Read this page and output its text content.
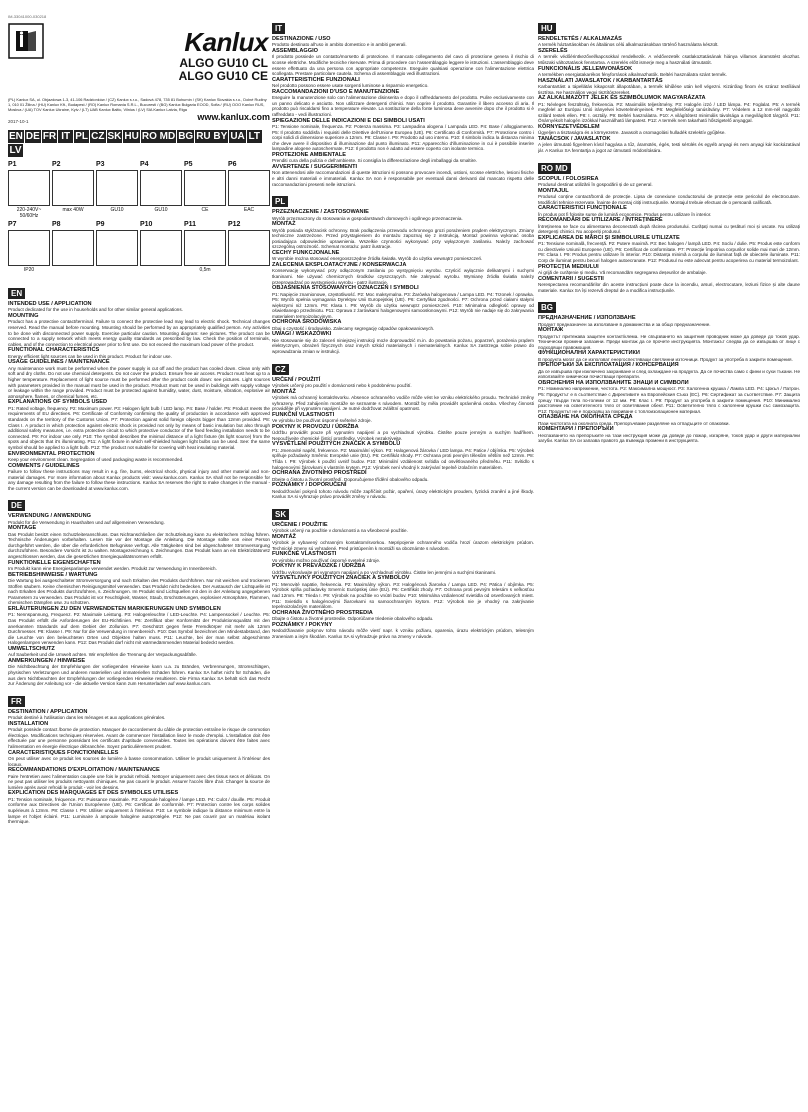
IM-33041000-030218
Kanlux
ALGO GU10 CL
ALGO GU10 CE
(PL) Kanlux SA, ul. Objazdowa 1-3, 41-106 Radzionków / (CZ) Kanlux s.r.o., Sadová 478, 735 81 Bohumín / (SK) Kanlux Slovakia s.r.o., Dolné Rudiny 1, 010 01 Žilina / (HU) Kanlux Kft., Budapest / (RO) Kanlux Romania S.R.L., Bucuresti / (BG) Kanlux Bulgaria EOOD, Sofia / (RU) OOO Kanlux RUS, Moskva / (UA) TOV Kanlux Ukraine, Kyiv / (LT) UAB Kanlux Baltic, Vilnius / (LV) SIA Kanlux Latvia, Riga
2017-10-1	www.kanlux.com
EN DE FR IT PL CZ SK HU RO MD BG RU BY UA LT
LV
P1
220-240V~ 50/60Hz
P2
max 40W
P3
GU10
P4
GU10
P5
CE
P6
EAC
P7
IP20
P8	P9	P10	P11
0,5m
P12
EN
INTENDED USE / APPLICATION
Product dedicated for the use in households and for other similar general applications.
MOUNTING
Product has a protective contact/terminal. Failure to connect the protective lead may lead to electric shock. Technical changes reserved. Read the manual before mounting. Mounting should be performed by an appropriately qualified person. Any activities to be done with disconnected power supply. Exercise particular caution. Mounting diagram: see pictures. The product can be connected to a supply network which meets energy quality standards as prescribed by law. Check the position of terminals, cables, and of the connection to electrical power prior to first use. Do not exceed the maximum load power of the product.
FUNCTIONAL CHARACTERISTICS
Energy efficient light sources can be used in this product. Product for indoor use.
USAGE GUIDELINES / MAINTENANCE
Any maintenance work must be performed when the power supply is cut off and the product has cooled down. Clean only with soft and dry cloths. Do not use chemical detergents. Do not cover the product. Ensure free air access. Product must heat up to a higher temperature. Replacement of light source must be performed after the product cools down: see pictures. Light sources with parameters provided in the manual must be used in the product. Product must not be used in buildings with supply voltage or leakage within the range provided. Product must be protected against humidity, water, dust, moisture, vibration, explosive air atmosphere, flames, or chemical fumes, etc.
EXPLANATIONS OF SYMBOLS USED
P1: Rated voltage, frequency. P2: Maximum power. P3: Halogen light bulb / LED lamp. P4: Base / holder. P5: Product meets the requirements of EU directives. P6: Certificate of Conformity confirming the quality of production in accordance with approved standards on the territory of the Customs Union. P7: Protection against solid foreign objects bigger than 12mm provided. P8: Class I. A product in which protection against electric shock is provided not only by means of basic insulation but also through additional safety measures, i.e. extra protective circuit to which protective conductor of the fixed feeding installation needs to be connected. P9: For indoor use only. P10: The symbol describes the minimal distance of a light fixture (its light source) from the spots and objects that it's illuminating. P11: A light fixture in which self-shielded halogen light bulbs can be used. See: the same symbol should be applied to a light bulb. P12: The product not suitable for covering with heat insulating material.
ENVIRONMENTAL PROTECTION
Keep your environment clean. Segregation of used packaging waste is recommended.
COMMENTS / GUIDELINES
Failure to follow these instructions may result in e.g. fire, burns, electrical shock, physical injury and other material and non-material damages. For more information about Kanlux products visit: www.kanlux.com. Kanlux SA shall not be responsible for any damage resulting from the failure to follow these instructions. Kanlux SA reserves the right to make changes in the manual - the current version can be downloaded at www.kanlux.com.
DE
VERWENDUNG / ANWENDUNG
Produkt für die Verwendung in Haushalten und auf allgemeinen Verwendung.
MONTAGE
Das Produkt besitzt einen Schutzleiteranschluss. Das Nichtanschließen der Schutzleitung kann zu elektrischem Schlag führen. Technische Änderungen vorbehalten. Lesen Sie vor der Montage die Anleitung. Die Montage sollte von einer Person durchgeführt werden, die über die erforderlichen Befugnisse verfügt. Alle Tätigkeiten sind bei abgeschalteter Stromversorgung durchzuführen. Besondere Vorsicht ist zu walten. Montagezeichnung s. Zeichnungen. Das Produkt kann an ein Elektrizitätsnetz angeschlossen werden, das die gesetzlichen Energiequalitätsnormen erfüllt.
FUNKTIONELLE EIGENSCHAFTEN
Im Produkt kann eine Energiesparlampe verwendet werden. Produkt zur Verwendung im Innenbereich.
BETRIEBSHINWEISE / WARTUNG
Die Wartung bei ausgeschalteter Stromversorgung und nach Erkalten des Produkts durchführen. Nur mit weichen und trockenen Stoffen säubern. Keine chemischen Reinigungsmittel verwenden. Das Produkt nicht bedecken. Der Austausch der Lichtquelle ist nach Erkalten des Produkts durchzuführen, s. Zeichnungen. Im Produkt sind Lichtquellen mit den in der Anleitung angegebenen Parametern zu verwenden. Das Produkt ist vor Feuchtigkeit, Wasser, Staub, Erschütterungen, explosiver Atmosphäre, Flammen, chemischen Dämpfen usw. zu schützen.
ERLÄUTERUNGEN ZU DEN VERWENDETEN MARKIERUNGEN UND SYMBOLEN
P1: Nennspannung, Frequenz. P2: Maximale Leistung. P3: Halogenleuchte / LED-Leuchte. P4: Lampensockel / Leuchte. P5: Das Produkt erfüllt die Anforderungen der EU-Richtlinien. P6: Zertifikat über Konformität der Produktionsqualität mit den anerkannten Standards auf dem Gebiet der Zollunion. P7: Geschützt gegen feste Fremdkörper mit mehr als 12mm Durchmesser. P8: Klasse I. P9: Nur für die Verwendung in Innenbereich. P10: Das Symbol bezeichnet den Mindestabstand, den die Leuchte von den beleuchteten Orten und Objekten halten muss. P11: Leuchte, bei der man selbst abgeschirmte Halogenlampen verwenden kann. P12: Das Produkt darf nicht mit wärmedämmenden Material bedeckt werden.
UMWELTSCHUTZ
Auf Sauberkeit und die Umwelt achten. Wir empfehlen die Trennung der Verpackungsabfälle.
ANMERKUNGEN / HINWEISE
Die Nichtbeachtung der Empfehlungen der vorliegenden Hinweise kann u.a. zu Bränden, Verbrennungen, Stromschlägen, physischen Verletzungen und anderen materiellen und immateriellen Schäden führen. Kanlux SA haftet nicht für Schäden, die aus dem Nichtbeachten der Empfehlungen der vorliegenden Hinweise resultieren. Die Firma Kanlux SA behält sich das Recht zur Änderung der Anleitung vor - die aktuelle Version kann zum Herunterladen auf www.kanlux.com.
FR
DESTINATION / APPLICATION
Produit destiné à l'utilisation dans les ménages et aux applications générales.
INSTALLATION
Produit possède contact /borne de protection. Manquer de raccordement du câble de protection entraîne le risque de commotion électrique. Modifications techniques réservées. Avant de commencer l'installation lisez le mode d'emploi. L'installation doit être effectuée par une personne possédant les certificats d'aptitude convenables. Toutes les opérations doivent être faites avec l'alimentation en énergie électrique débranchée. Soyez particulièrement prudent.
CARACTERISTIQUES FONCTIONNELLES
On peut utiliser avec ce produit les sources de lumière à basse consommation. Utiliser le produit uniquement à l'intérieur des locaux.
RECOMMANDATIONS D'EXPLOITATION / MAINTENANCE
Faire l'entretien avec l'alimentation coupée une fois le produit refroidi. Nettoyer uniquement avec des tissus secs et délicats. On ne peut pas utiliser les produits nettoyants chimiques. Ne pas couvrir le produit. Assurer l'accès libre d'air. Changer la source de lumière après avoir refroidi le produit - voir les dessins.
EXPLICATION DES MARQUAGES ET DES SYMBOLES UTILISES
P1: Tension nominale, fréquence. P2: Puissance maximale. P3: Ampoule halogène / lampe LED. P4: Culot / douille. P5: Produit conforme aux Directives de l'Union Européenne (UE). P6: Certificat de conformité. P7: Protection contre les corps solides supérieurs à 12mm. P8: Classe I. P9: Utiliser uniquement à l'intérieur. P10: Le symbole indique la distance minimum entre la lampe et l'objet éclairé. P11: Luminaire à ampoule halogène autoprotégée. P12: Ne pas couvrir par un matériau isolant thermique.
IT
DESTINAZIONE / USO
Prodotto destinato all'uso in ambito domestico e in ambiti generali.
ASSEMBLAGGIO
Il prodotto possiede un contatto/morsetto di protezione. Il mancato collegamento del cavo di protezione genera il rischio di scosse elettriche. Modifiche tecniche riservate. Prima di procedere con l'assemblaggio leggere le istruzioni. L'assemblaggio deve essere effettuato da una persona con appropriate competenze. Eseguire qualsiasi operazione con l'alimentazione elettrica scollegata. Prestare particolare cautela. Schema di assemblaggio vedi illustrazioni.
CARATTERISTICHE FUNZIONALI
Nel prodotto possono essere usate sorgenti luminose a risparmio energetico.
RACCOMANDAZIONI D'USO E MANUTENZIONE
Eseguire la manutenzione solo con l'alimentazione disinserita e dopo il raffreddamento del prodotto. Pulire esclusivamente con un panno delicato e asciutto. Non utilizzare detergenti chimici. Non coprire il prodotto. Garantire il libero accesso di aria. Il prodotto può riscaldarsi fino a temperature elevate. La sostituzione della fonte luminosa deve avvenire dopo che il prodotto si è raffreddato - vedi illustrazioni.
SPIEGAZIONE DELLE INDICAZIONI E DEI SIMBOLI USATI
P1: Tensione nominale, frequenza. P2: Potenza massima. P3: Lampadina alogena / Lampada LED. P4: Base / alloggiamento. P5: Il prodotto soddisfa i requisiti delle Direttive dell'Unione Europea (UE). P6: Certificato di Conformità. P7: Protezione contro i corpi solidi di dimensione superiore a 12mm. P8: Classe I. P9: Prodotto ad uso interno. P10: Il simbolo indica la distanza minima che deve avere il dispositivo di illuminazione dal punto illuminato. P11: Apparecchio d'illuminazione in cui è possibile inserire lampadine alogene autoschermate. P12: Il prodotto non è adatto ad essere coperto con isolante termico.
PROTEZIONE AMBIENTALE
Prenditi cura della pulizia e dell'ambiente. Si consiglia la differenziazione degli imballaggi da smaltire.
AVVERTENZE / SUGGERIMENTI
Non attenendosi alle raccomandazioni di queste istruzioni si possono provocare incendi, ustioni, scosse elettriche, lesioni fisiche e altri danni materiali e immateriali. Kanlux SA non è responsabile per eventuali danni derivanti dal mancato rispetto delle raccomandazioni presenti nelle istruzioni.
PL
PRZEZNACZENIE / ZASTOSOWANIE
Wyrób przeznaczony do stosowania w gospodarstwach domowych i ogólnego przeznaczenia.
MONTAŻ
Wyrób posiada styk/zacisk ochronny. Brak podłączenia przewodu ochronnego grozi porażeniem prądem elektrycznym. Zmiany techniczne zastrzeżone. Przed przystąpieniem do montażu zapoznaj się z instrukcją. Montaż powinna wykonać osoba posiadająca odpowiednie uprawnienia. Wszelkie czynności wykonywać przy wyłączonym zasilaniu. Należy zachować szczególną ostrożność. Schemat montażu: patrz ilustracje.
CECHY FUNKCJONALNE
W wyrobie można stosować energooszczędne źródła światła. Wyrób do użytku wewnątrz pomieszczeń.
ZALECENIA EKSPLOATACYJNE / KONSERWACJA
Konserwację wykonywać przy odłączonym zasilaniu po wystygnięciu wyrobu. Czyścić wyłącznie delikatnymi i suchymi tkaninami. Nie używać chemicznych środków czyszczących. Nie zakrywać wyrobu. Wymianę źródła światła należy przeprowadzać po wystygnięciu wyrobu - patrz ilustracje.
OBJAŚNIENIA STOSOWANYCH OZNACZEŃ I SYMBOLI
P1: Napięcie znamionowe, częstotliwość. P2: Moc maksymalna. P3: Żarówka halogenowa / Lampa LED. P4: Trzonek / oprawka. P5: Wyrób spełnia wymagania Dyrektyw Unii Europejskiej (UE). P6: Certyfikat zgodności. P7: Ochrona przed ciałami stałymi większymi niż 12mm. P8: Klasa I. P9: Wyrób do użytku wewnątrz pomieszczeń. P10: Minimalna odległość oprawy od oświetlanego przedmiotu. P11: Oprawa z żarówkami halogenowymi samoosłonowymi. P12: Wyrób nie nadaje się do zakrywania materiałem termoizolacyjnym.
OCHRONA ŚRODOWISKA
Dbaj o czystość i środowisko. Zalecamy segregację odpadów opakowaniowych.
UWAGI / WSKAZÓWKI
Nie stosowanie się do zaleceń niniejszej instrukcji może doprowadzić m.in. do powstania pożaru, poparzeń, porażenia prądem elektrycznym, obrażeń fizycznych oraz innych szkód materialnych i niematerialnych. Kanlux SA zastrzega sobie prawo do wprowadzania zmian w instrukcji.
CZ
URČENÍ / POUŽITÍ
Výrobek určený pro použití v domácnosti nebo k podobnému použití.
MONTÁŽ
Výrobek má ochranný kontakt/svorku. Absence ochranného vodiče může vést ke vzniku elektrického proudu. Technické změny vyhrazeny. Před zahájením montáže se seznamte s návodem. Montáž by měla provádět oprávněná osoba. Všechny činnosti provádějte při vypnutém napájení. Je nutné dodržovat zvláštní opatrnost.
FUNKČNÍ VLASTNOSTI
Ve výrobku lze používat úsporné světelné zdroje.
POKYNY K PROVOZU / ÚDRŽBA
Údržbu provádět pouze při vypnutém napájení a po vychladnutí výrobku. Čistěte pouze jemným a suchým hadříkem. Nepoužívejte chemické čisticí prostředky. Výrobek nezakrývejte.
VYSVĚTLENÍ POUŽITÝCH ZNAČEK A SYMBOLŮ
P1: Jmenovité napětí, frekvence. P2: Maximální výkon. P3: Halogenová žárovka / LED lampa. P4: Patice / objímka. P5: Výrobek splňuje požadavky Směrnic Evropské unie (EU). P6: Certifikát shody. P7: Ochrana proti pevným tělesům větším než 12mm. P8: Třída I. P9: Výrobek k použití uvnitř budov. P10: Minimální vzdálenost svítidla od osvětlovaného předmětu. P11: Svítidlo s halogenovými žárovkami s vlastním krytem. P12: Výrobek není vhodný k zakrývání tepelně izolačním materiálem.
OCHRANA ŽIVOTNÍHO PROSTŘEDÍ
Dbejte o čistotu a životní prostředí. Doporučujeme třídění obalového odpadu.
POZNÁMKY / DOPORUČENÍ
Nedodržování pokynů tohoto návodu může zapříčinit požár, opaření, úrazy elektrickým proudem, fyzická zranění a jiné škody. Kanlux SA si vyhrazuje právo provádět změny v návodu.
SK
URČENIE / POUŽITIE
Výrobok určený na použitie v domácnosti a na všeobecné použitie.
MONTÁŽ
Výrobok je vybavený ochranným kontaktom/svorkou. Nepripojenie ochranného vodiča hrozí úrazom elektrickým prúdom. Technické zmeny sú vyhradené. Pred pristúpením k montáži sa oboznámte s návodom.
FUNKČNÉ VLASTNOSTI
Vo výrobku možno používať úsporné svetelné zdroje.
POKYNY K PREVÁDZKE / ÚDRŽBA
Údržbu vykonávajte pri vypnutom napájaní a po vychladnutí výrobku. Čistite len jemnými a suchými tkaninami.
VYSVETLIVKY POUŽITÝCH ZNAČIEK A SYMBOLOV
P1: Menovité napätie, frekvencia. P2: Maximálny výkon. P3: Halogénová žiarovka / Lampa LED. P4: Pätica / objímka. P5: Výrobok spĺňa požiadavky Smerníc Európskej únie (EÚ). P6: Certifikát zhody. P7: Ochrana proti pevným telesám s veľkosťou nad 12mm. P8: Trieda I. P9: Výrobok na použitie vo vnútri budov. P10: Minimálna vzdialenosť svietidla od osvetľovaných miest. P11: Svietidlo s halogénovými žiarovkami so samoochranným krytom. P12: Výrobok nie je vhodný na zakrývanie tepelnoizolačným materiálom.
OCHRANA ŽIVOTNÉHO PROSTREDIA
Dbajte o čistotu a životné prostredie. Odporúčame triedenie obalového odpadu.
POZNÁMKY / POKYNY
Nedodržiavanie pokynov tohto návodu môže viesť napr. k vzniku požiaru, oparenia, úrazu elektrickým prúdom, telesným zraneniam a iným škodám. Kanlux SA si vyhradzuje právo na zmeny v návode.
HU
RENDELTETÉS / ALKALMAZÁS
A termék háztartásokban és általános célú alkalmazásokban történő használatra készült.
SZERELÉS
A termék védőérintkezővel/kapcsokkal rendelkezik. A védővezeték csatlakoztatásának hiánya villamos áramütést okozhat. Műszaki változtatások fenntartva. A szerelés előtt ismerje meg a használati útmutatót.
FUNKCIONÁLIS JELLEMVONÁSOK
A termékben energiatakarékos fényforrások alkalmazhatók. Beltéri használatra szánt termék.
HASZNÁLATI JAVASLATOK / KARBANTARTÁS
Karbantartást a tápellátás kikapcsolt állapotában, a termék kihűlése után kell végezni. Kizárólag finom és száraz textíliával tisztítsa. Ne használjon vegyi tisztítószereket.
AZ ALKALMAZOTT JELEK ÉS SZIMBÓLUMOK MAGYARÁZATA
P1: Névleges feszültség, frekvencia. P2: Maximális teljesítmény. P3: Halogén izzó / LED lámpa. P4: Foglalat. P5: A termék megfelel az Európai Unió irányelvei követelményeinek. P6: Megfelelőségi tanúsítvány. P7: Védelem a 12 mm-nél nagyobb szilárd testek ellen. P8: I. osztály. P9: Beltéri használatra. P10: A világítótest minimális távolsága a megvilágított tárgytól. P11: Önárnyékolt halogén izzókkal használható lámpatest. P12: A termék nem takarható hőszigetelő anyaggal.
KÖRNYEZETVÉDELEM
Ügyeljen a tisztaságra és a környezetre. Javasolt a csomagolási hulladék szelektív gyűjtése.
TANÁCSOK / JAVASLATOK
A jelen útmutató figyelmen kívül hagyása a tűz, áramütés, égés, testi sérülés és egyéb anyagi és nem anyagi kár kockázatával jár. A Kanlux SA fenntartja a jogot az útmutató módosítására.
RO MD
SCOPUL / FOLOSIREA
Produsul destinat utilizării în gospodării și de uz general.
MONTAJUL
Produsul conține contact/bornă de protecție. Lipsa de conexiune conductorului de protecție este pericolul de electrocutare. Modificări tehnice rezervate. Înainte de montaj citiți instrucțiunile. Montajul trebuie efectuat de o persoană calificată.
CARACTERISTICI FUNCȚIONALE
În produs pot fi folosite surse de lumină economice. Produs pentru utilizare în interior.
RECOMANDĂRI DE UTILIZARE / ÎNTREȚINERE
Întreținerea se face cu alimentarea deconectată după răcirea produsului. Curățați numai cu țesături moi și uscate. Nu utilizați detergenți chimici. Nu acoperiți produsul.
EXPLICAREA DE MĂRCI ȘI SIMBOLURILE UTILIZATE
P1: Tensiune nominală, frecvență. P2: Putere maximă. P3: Bec halogen / lampă LED. P4: Soclu / dulie. P5: Produs este conform cu directivele Uniunii Europene (UE). P6: Certificat de conformitate. P7: Protecție împotriva corpurilor solide mai mari de 12mm. P8: Clasa I. P9: Produs pentru utilizare în interior. P10: Distanța minimă a corpului de iluminat față de obiectele iluminate. P11: Corp de iluminat pentru becuri halogen autoecranate. P12: Produsul nu este adecvat pentru acoperirea cu material termoizolant.
PROTECȚIA MEDIULUI
Ai grijă de curățenie și mediu. Vă recomandăm segregarea deșeurilor de ambalaje.
COMENTARII / SUGESTII
Nerespectarea recomandărilor din aceste instrucțiuni poate duce la incendiu, arsuri, electrocutare, leziuni fizice și alte daune materiale. Kanlux SA își rezervă dreptul de a modifica instrucțiunile.
BG
ПРЕДНАЗНАЧЕНИЕ / ИЗПОЛЗВАНЕ
Продукт предназначен за използване в домакинства и за общо предназначение.
МОНТАЖ
Продуктът притежава защитен контакт/клема. Не свързването на защитния проводник може да доведе до токов удар. Технически промени запазени. Преди монтаж да се прочете инструкцията. Монтажът следва да се извършва от лице с подходящи правомощия.
ФУНКЦИОНАЛНИ ХАРАКТЕРИСТИКИ
В продукта могат да се използват енергоспестяващи светлинни източници. Продукт за употреба в закрити помещения.
ПРЕПОРЪКИ ЗА ЕКСПЛОАТАЦИЯ / КОНСЕРВАЦИЯ
Да се извършва при изключено захранване и след охлаждане на продукта. Да се почиства само с фини и сухи тъкани. Не използвайте химически почистващи препарати.
ОБЯСНЕНИЯ НА ИЗПОЛЗВАНИТЕ ЗНАЦИ И СИМВОЛИ
P1: Номинално напрежение, честота. P2: Максимална мощност. P3: Халогенна крушка / Лампа LED. P4: Цокъл / Патрон. P5: Продуктът е в съответствие с Директивите на Европейския Съюз (ЕС). P6: Сертификат за съответствие. P7: Защита срещу твърди тела по-големи от 12 мм. P8: Клас I. P9: Продукт за употреба в закрити помещения. P10: Минимално разстояние на осветителното тяло от осветявания обект. P11: Осветително тяло с халогенни крушки със самозащита. P12: Продуктът не е подходящ за покриване с топлоизолационен материал.
ОПАЗВАНЕ НА ОКОЛНАТА СРЕДА
Пази чистотата на околната среда. Препоръчваме разделяне на отпадъците от опаковки.
КОМЕНТАРИ / ПРЕПОРЪКИ
Неспазването на препоръките на тази инструкция може да доведе до пожар, изгаряне, токов удар и други материални загуби. Kanlux SA си запазва правото да въвежда промени в инструкцията.
